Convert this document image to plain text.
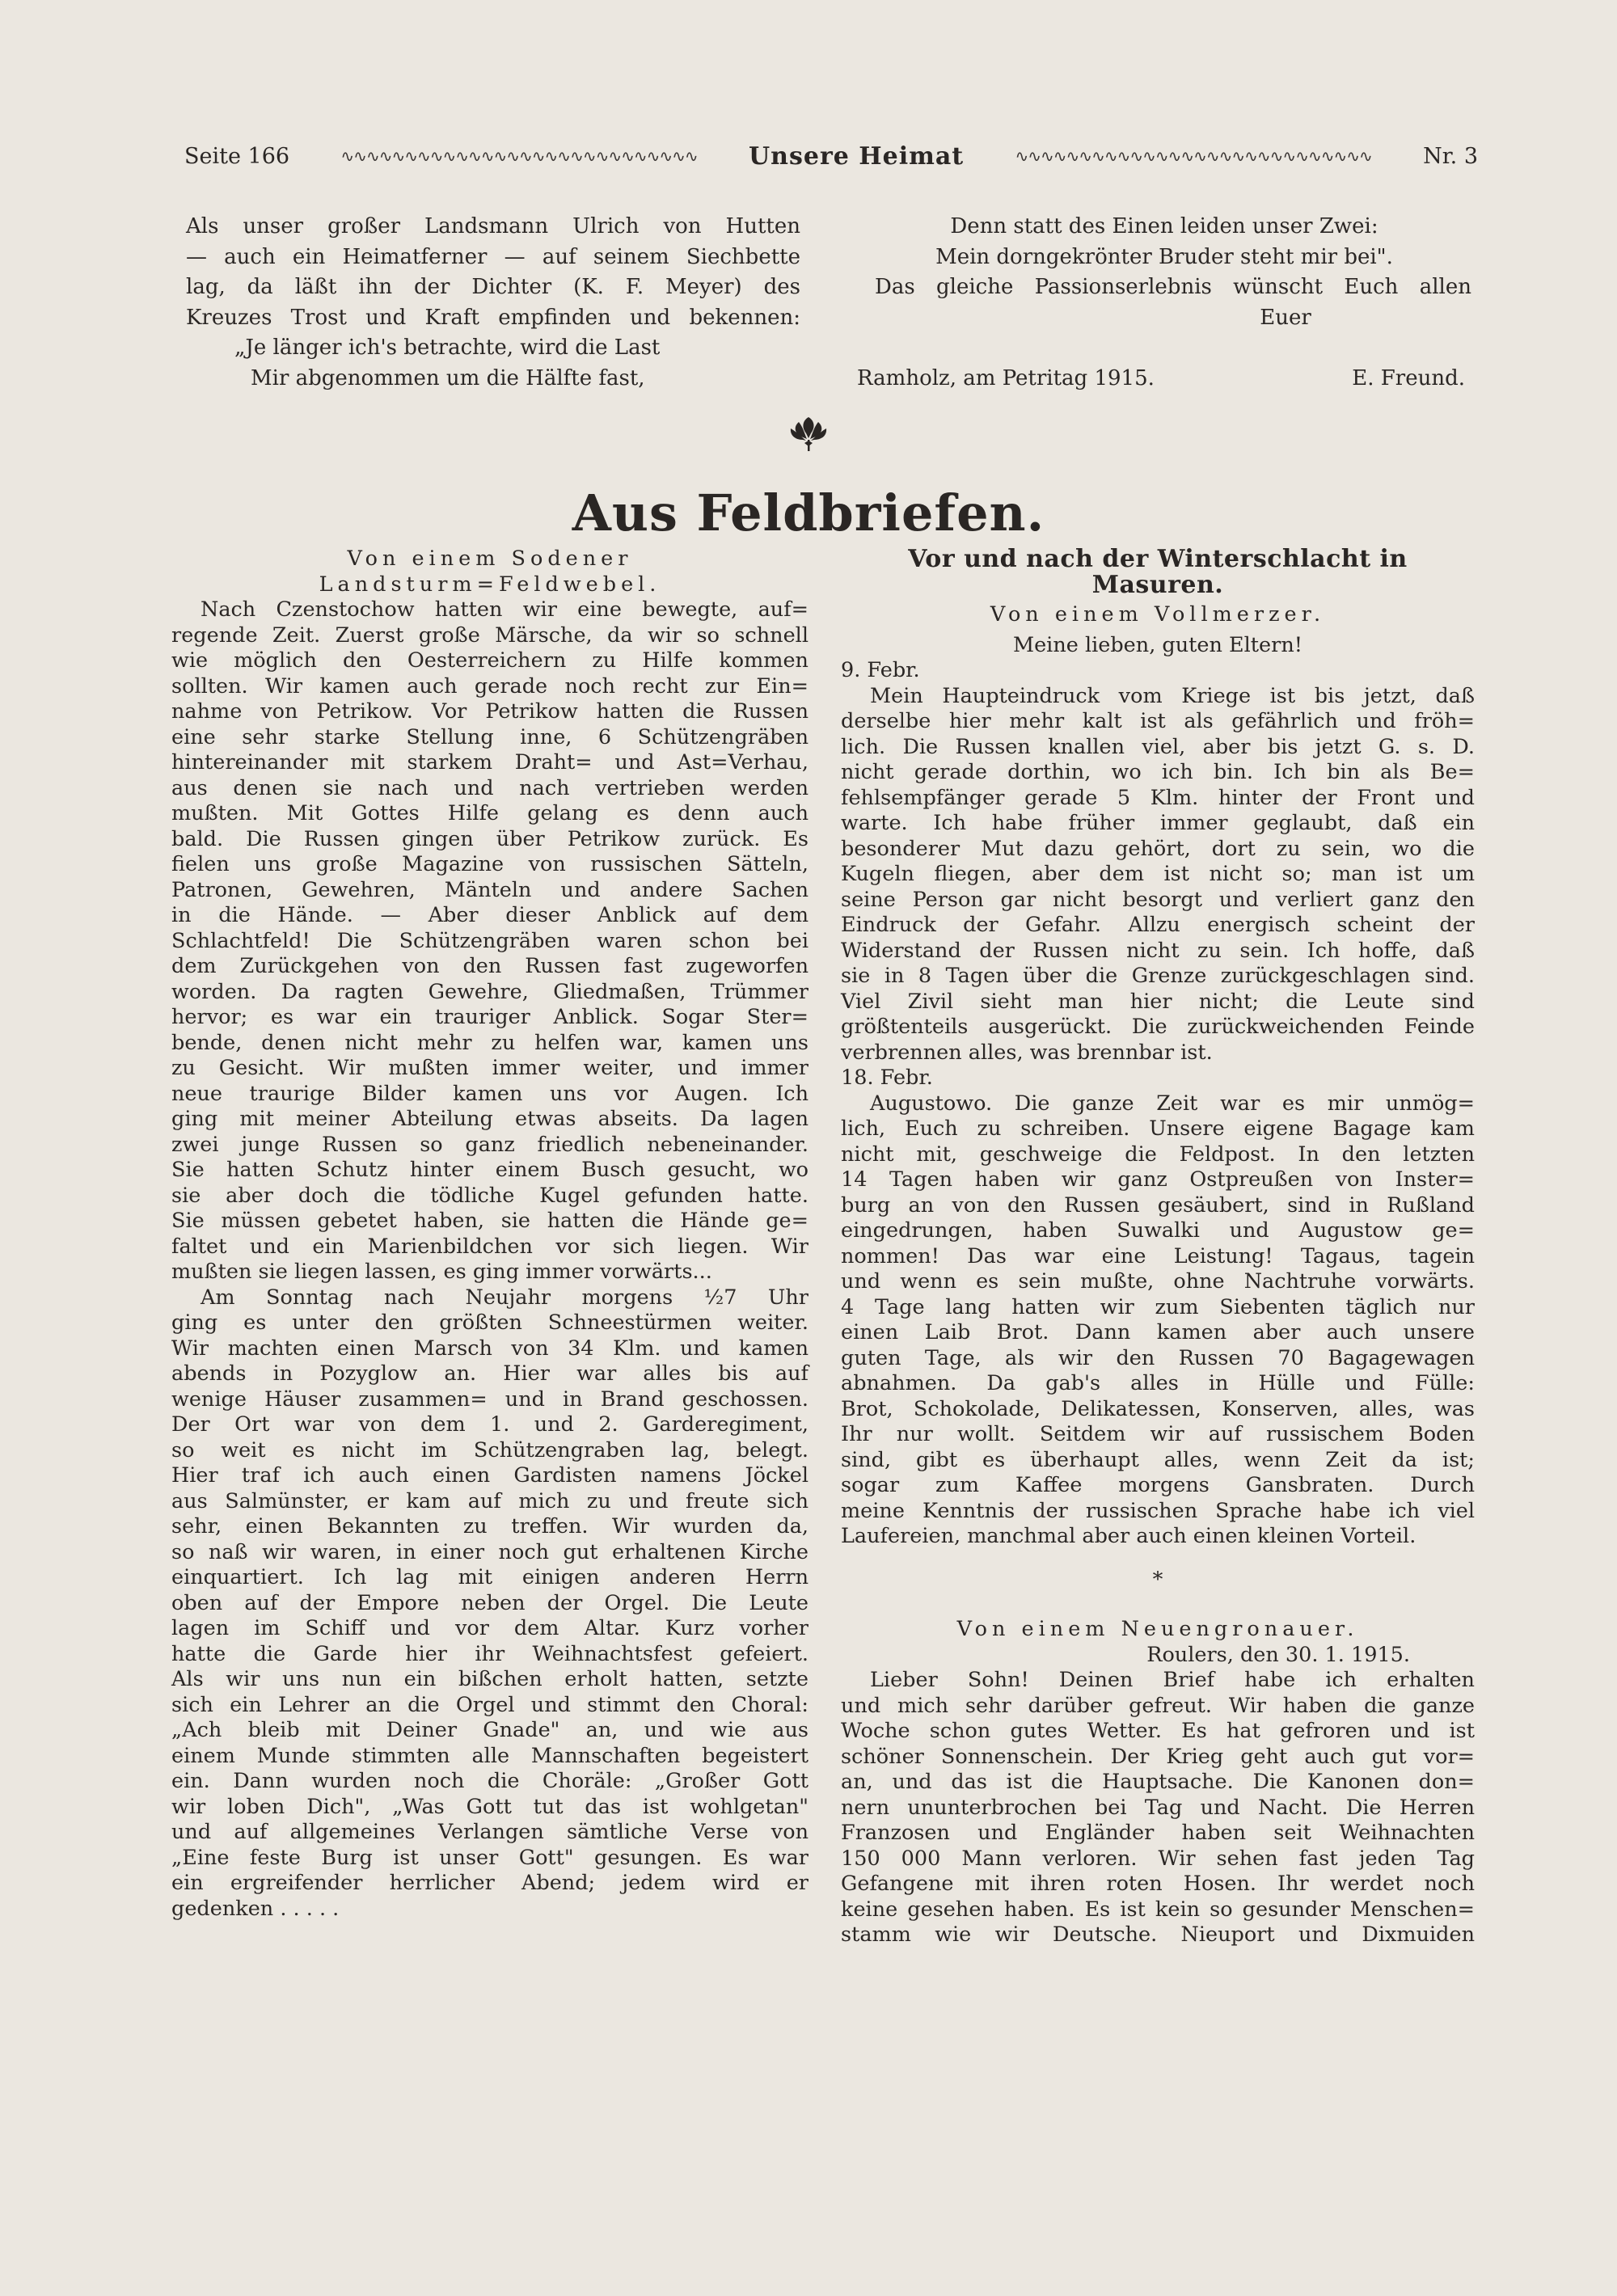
Seite 166	∿∿∿∿∿∿∿∿∿∿∿∿∿∿∿∿∿∿∿∿∿∿∿∿∿∿∿∿	Unsere Heimat	∿∿∿∿∿∿∿∿∿∿∿∿∿∿∿∿∿∿∿∿∿∿∿∿∿∿∿∿	Nr. 3

Als unser großer Landsmann Ulrich von Hutten

— auch ein Heimatferner — auf seinem Siechbette

lag, da läßt ihn der Dichter (K. F. Meyer) des

Kreuzes Trost und Kraft empfinden und bekennen:

„Je länger ich's betrachte, wird die Last

Mir abgenommen um die Hälfte fast,

Denn statt des Einen leiden unser Zwei:

Mein dorngekrönter Bruder steht mir bei".

Das gleiche Passionserlebnis wünscht Euch allen

Euer

Ramholz, am Petritag 1915.	E. Freund.
Aus Feldbriefen.
Von einem Sodener
Landsturm=Feldwebel.
Nach Czenstochow hatten wir eine bewegte, auf=
regende Zeit. Zuerst große Märsche, da wir so schnell
wie möglich den Oesterreichern zu Hilfe kommen
sollten. Wir kamen auch gerade noch recht zur Ein=
nahme von Petrikow. Vor Petrikow hatten die Russen
eine sehr starke Stellung inne, 6 Schützengräben
hintereinander mit starkem Draht= und Ast=Verhau,
aus denen sie nach und nach vertrieben werden
mußten. Mit Gottes Hilfe gelang es denn auch
bald. Die Russen gingen über Petrikow zurück. Es
fielen uns große Magazine von russischen Sätteln,
Patronen, Gewehren, Mänteln und andere Sachen
in die Hände. — Aber dieser Anblick auf dem
Schlachtfeld! Die Schützengräben waren schon bei
dem Zurückgehen von den Russen fast zugeworfen
worden. Da ragten Gewehre, Gliedmaßen, Trümmer
hervor; es war ein trauriger Anblick. Sogar Ster=
bende, denen nicht mehr zu helfen war, kamen uns
zu Gesicht. Wir mußten immer weiter, und immer
neue traurige Bilder kamen uns vor Augen. Ich
ging mit meiner Abteilung etwas abseits. Da lagen
zwei junge Russen so ganz friedlich nebeneinander.
Sie hatten Schutz hinter einem Busch gesucht, wo
sie aber doch die tödliche Kugel gefunden hatte.
Sie müssen gebetet haben, sie hatten die Hände ge=
faltet und ein Marienbildchen vor sich liegen. Wir
mußten sie liegen lassen, es ging immer vorwärts...
Am Sonntag nach Neujahr morgens ½7 Uhr
ging es unter den größten Schneestürmen weiter.
Wir machten einen Marsch von 34 Klm. und kamen
abends in Pozyglow an. Hier war alles bis auf
wenige Häuser zusammen= und in Brand geschossen.
Der Ort war von dem 1. und 2. Garderegiment,
so weit es nicht im Schützengraben lag, belegt.
Hier traf ich auch einen Gardisten namens Jöckel
aus Salmünster, er kam auf mich zu und freute sich
sehr, einen Bekannten zu treffen. Wir wurden da,
so naß wir waren, in einer noch gut erhaltenen Kirche
einquartiert. Ich lag mit einigen anderen Herrn
oben auf der Empore neben der Orgel. Die Leute
lagen im Schiff und vor dem Altar. Kurz vorher
hatte die Garde hier ihr Weihnachtsfest gefeiert.
Als wir uns nun ein bißchen erholt hatten, setzte
sich ein Lehrer an die Orgel und stimmt den Choral:
„Ach bleib mit Deiner Gnade" an, und wie aus
einem Munde stimmten alle Mannschaften begeistert
ein. Dann wurden noch die Choräle: „Großer Gott
wir loben Dich", „Was Gott tut das ist wohlgetan"
und auf allgemeines Verlangen sämtliche Verse von
„Eine feste Burg ist unser Gott" gesungen. Es war
ein ergreifender herrlicher Abend; jedem wird er
gedenken . . . . .
Vor und nach der Winterschlacht in Masuren.
Von einem Vollmerzer.
Meine lieben, guten Eltern!
9. Febr.
Mein Haupteindruck vom Kriege ist bis jetzt, daß
derselbe hier mehr kalt ist als gefährlich und fröh=
lich. Die Russen knallen viel, aber bis jetzt G. s. D.
nicht gerade dorthin, wo ich bin. Ich bin als Be=
fehlsempfänger gerade 5 Klm. hinter der Front und
warte. Ich habe früher immer geglaubt, daß ein
besonderer Mut dazu gehört, dort zu sein, wo die
Kugeln fliegen, aber dem ist nicht so; man ist um
seine Person gar nicht besorgt und verliert ganz den
Eindruck der Gefahr. Allzu energisch scheint der
Widerstand der Russen nicht zu sein. Ich hoffe, daß
sie in 8 Tagen über die Grenze zurückgeschlagen sind.
Viel Zivil sieht man hier nicht; die Leute sind
größtenteils ausgerückt. Die zurückweichenden Feinde
verbrennen alles, was brennbar ist.
18. Febr.
Augustowo. Die ganze Zeit war es mir unmög=
lich, Euch zu schreiben. Unsere eigene Bagage kam
nicht mit, geschweige die Feldpost. In den letzten
14 Tagen haben wir ganz Ostpreußen von Inster=
burg an von den Russen gesäubert, sind in Rußland
eingedrungen, haben Suwalki und Augustow ge=
nommen! Das war eine Leistung! Tagaus, tagein
und wenn es sein mußte, ohne Nachtruhe vorwärts.
4 Tage lang hatten wir zum Siebenten täglich nur
einen Laib Brot. Dann kamen aber auch unsere
guten Tage, als wir den Russen 70 Bagagewagen
abnahmen. Da gab's alles in Hülle und Fülle:
Brot, Schokolade, Delikatessen, Konserven, alles, was
Ihr nur wollt. Seitdem wir auf russischem Boden
sind, gibt es überhaupt alles, wenn Zeit da ist;
sogar zum Kaffee morgens Gansbraten. Durch
meine Kenntnis der russischen Sprache habe ich viel
Laufereien, manchmal aber auch einen kleinen Vorteil.
*
Von einem Neuengronauer.
Roulers, den 30. 1. 1915.
Lieber Sohn! Deinen Brief habe ich erhalten
und mich sehr darüber gefreut. Wir haben die ganze
Woche schon gutes Wetter. Es hat gefroren und ist
schöner Sonnenschein. Der Krieg geht auch gut vor=
an, und das ist die Hauptsache. Die Kanonen don=
nern ununterbrochen bei Tag und Nacht. Die Herren
Franzosen und Engländer haben seit Weihnachten
150 000 Mann verloren. Wir sehen fast jeden Tag
Gefangene mit ihren roten Hosen. Ihr werdet noch
keine gesehen haben. Es ist kein so gesunder Menschen=
stamm wie wir Deutsche. Nieuport und Dixmuiden
